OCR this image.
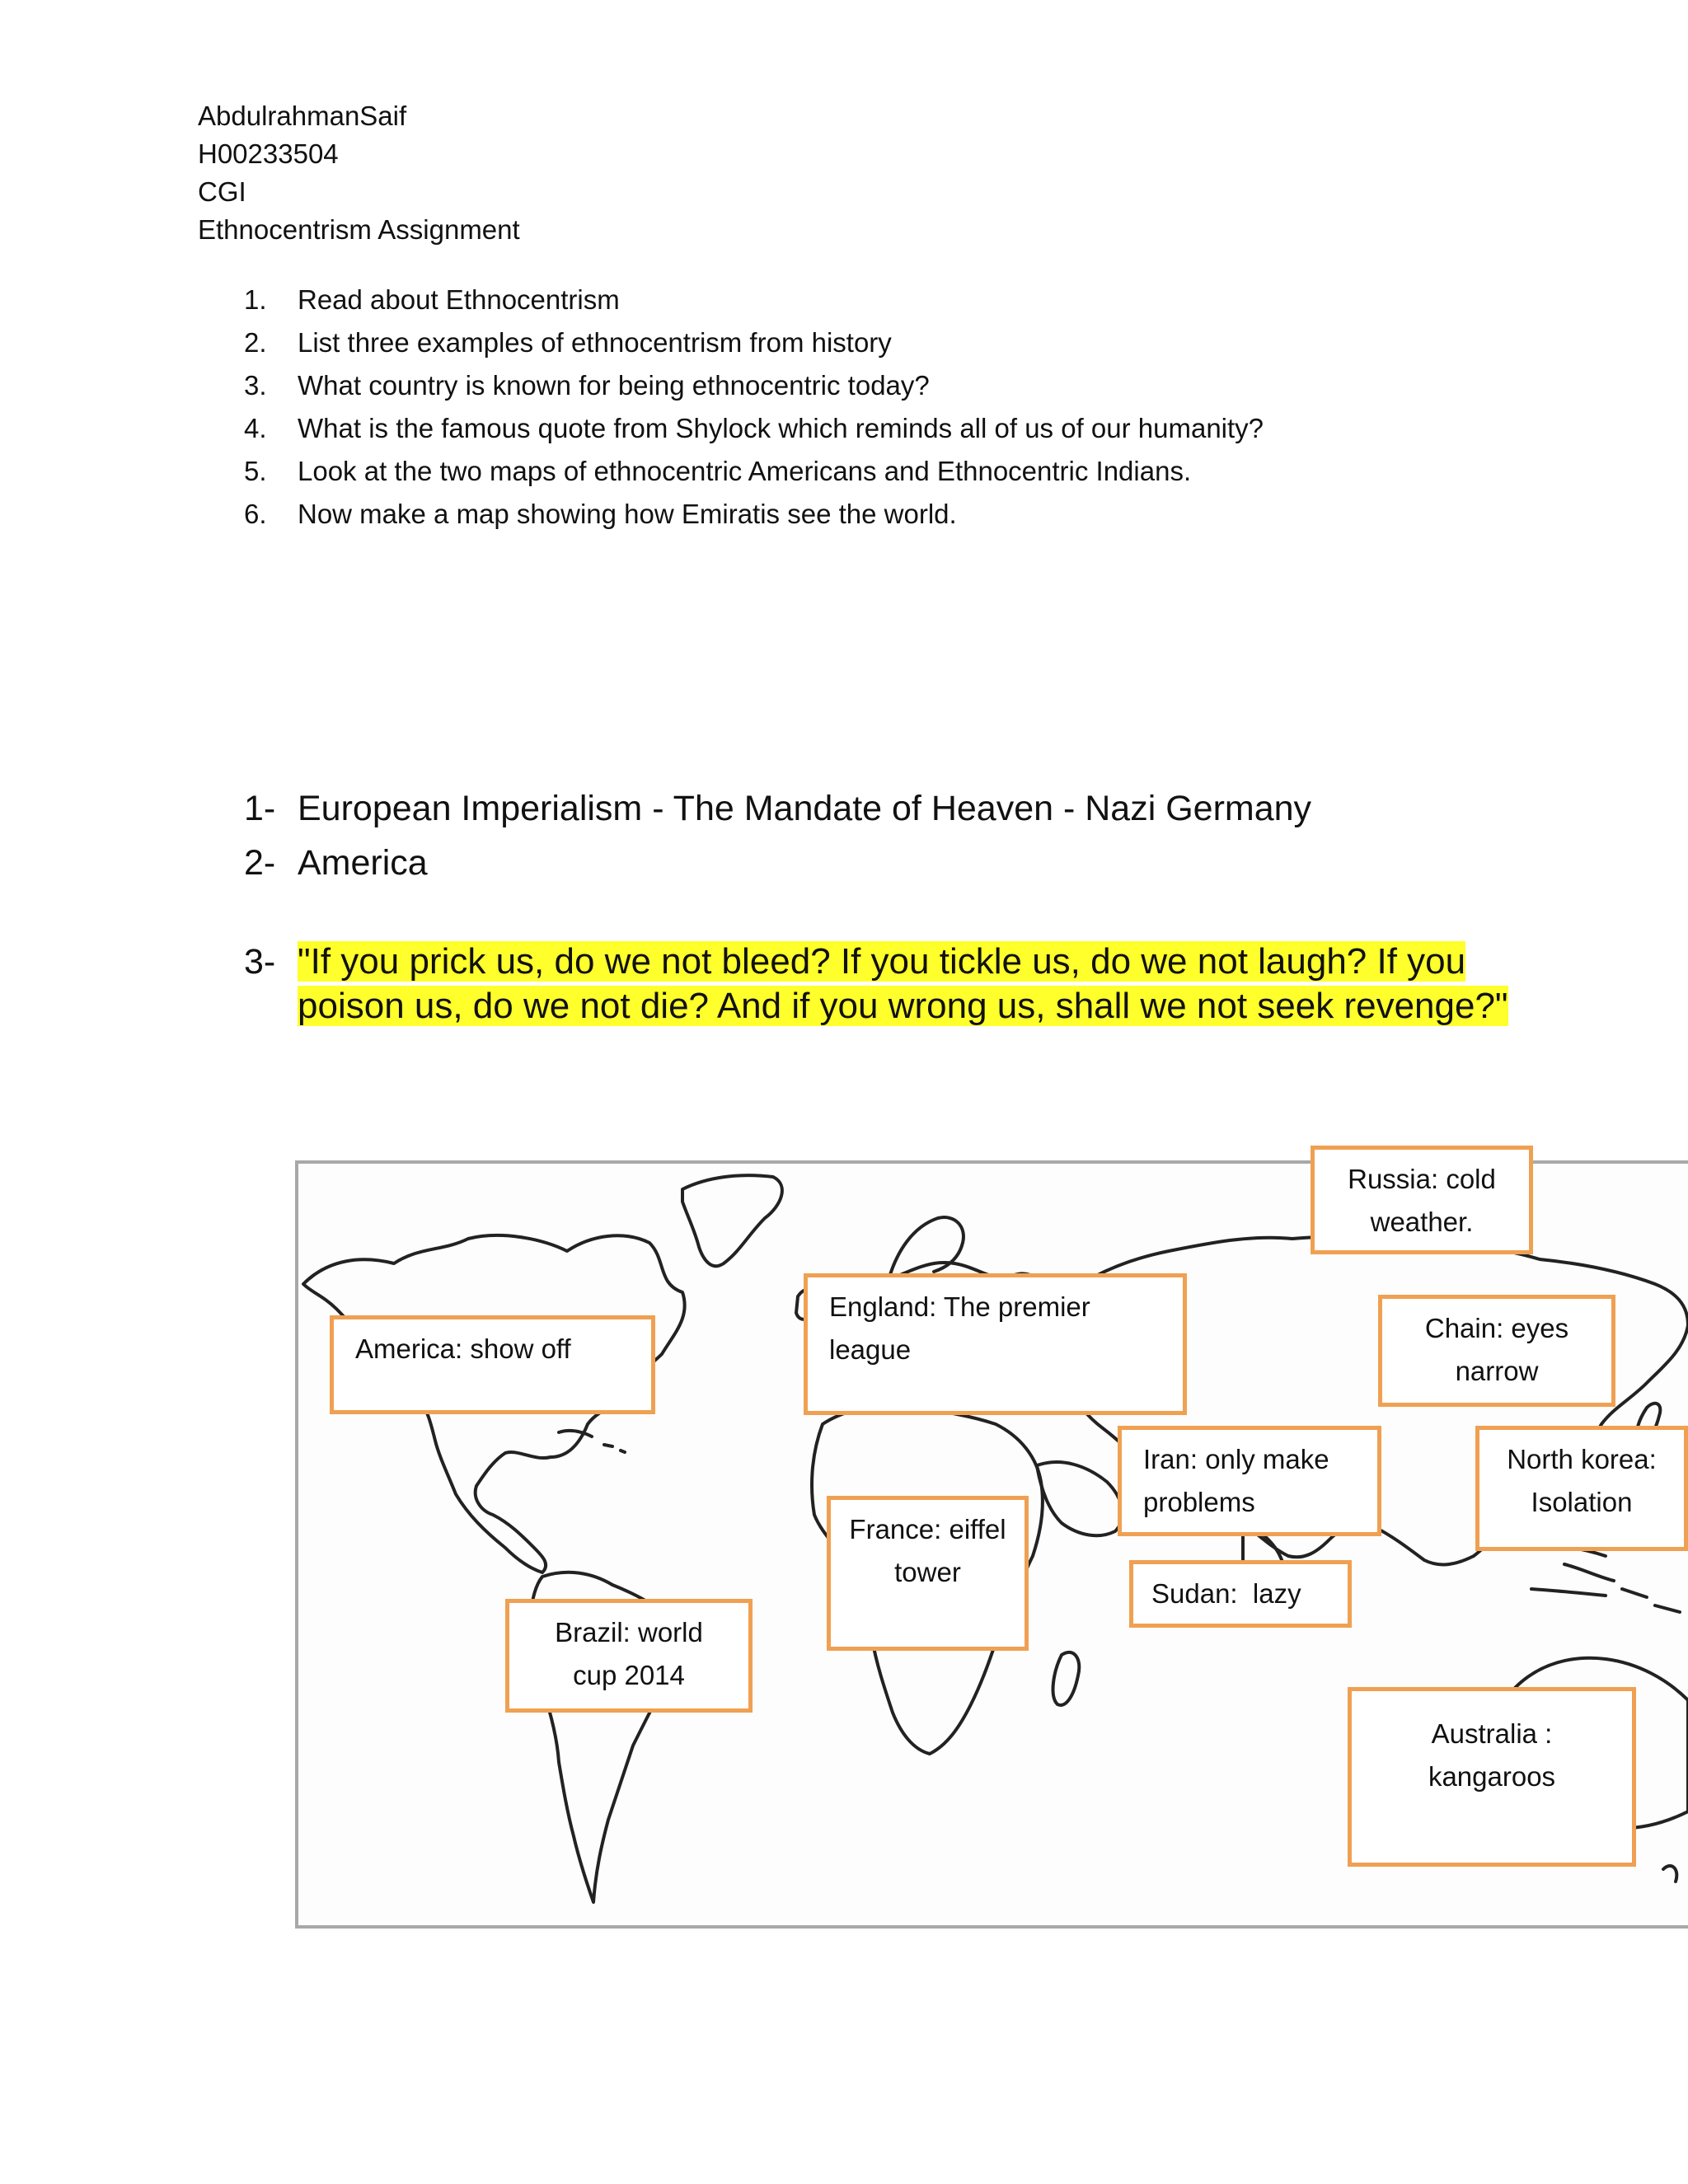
AbdulrahmanSaif
H00233504
CGI
Ethnocentrism Assignment
1.	Read about Ethnocentrism
2.	List three examples of ethnocentrism from history
3.	What country is known for being ethnocentric today?
4.	What is the famous quote from Shylock which reminds all of us of our humanity?
5.	Look at the two maps of ethnocentric Americans and Ethnocentric Indians.
6.	Now make a map showing how Emiratis see the world.
1- European Imperialism - The Mandate of Heaven - Nazi Germany
2- America
3- "If you prick us, do we not bleed? If you tickle us, do we not laugh? If you poison us, do we not die? And if you wrong us, shall we not seek revenge?"
Russia: cold weather.
America: show off
England: The premier league
Chain: eyes narrow
Iran: only make problems
North korea: Isolation
France: eiffel tower
Sudan:  lazy
Brazil: world cup 2014
Australia : kangaroos
